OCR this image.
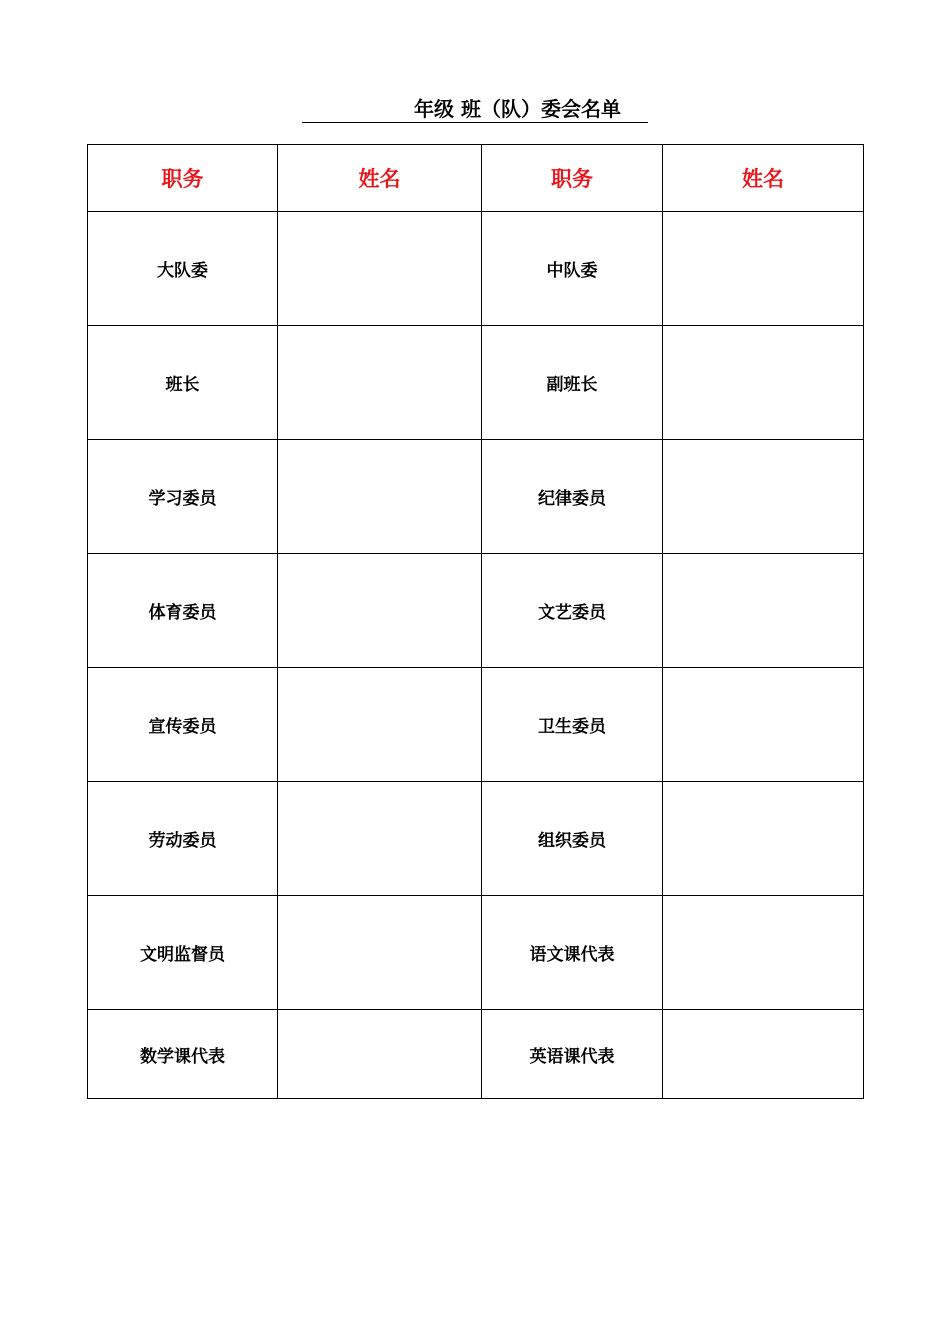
年级 班（队）委会名单
职务	姓名	职务	姓名
大队委		中队委	
班长		副班长	
学习委员		纪律委员	
体育委员		文艺委员	
宣传委员		卫生委员	
劳动委员		组织委员	
文明监督员		语文课代表	
数学课代表		英语课代表	
